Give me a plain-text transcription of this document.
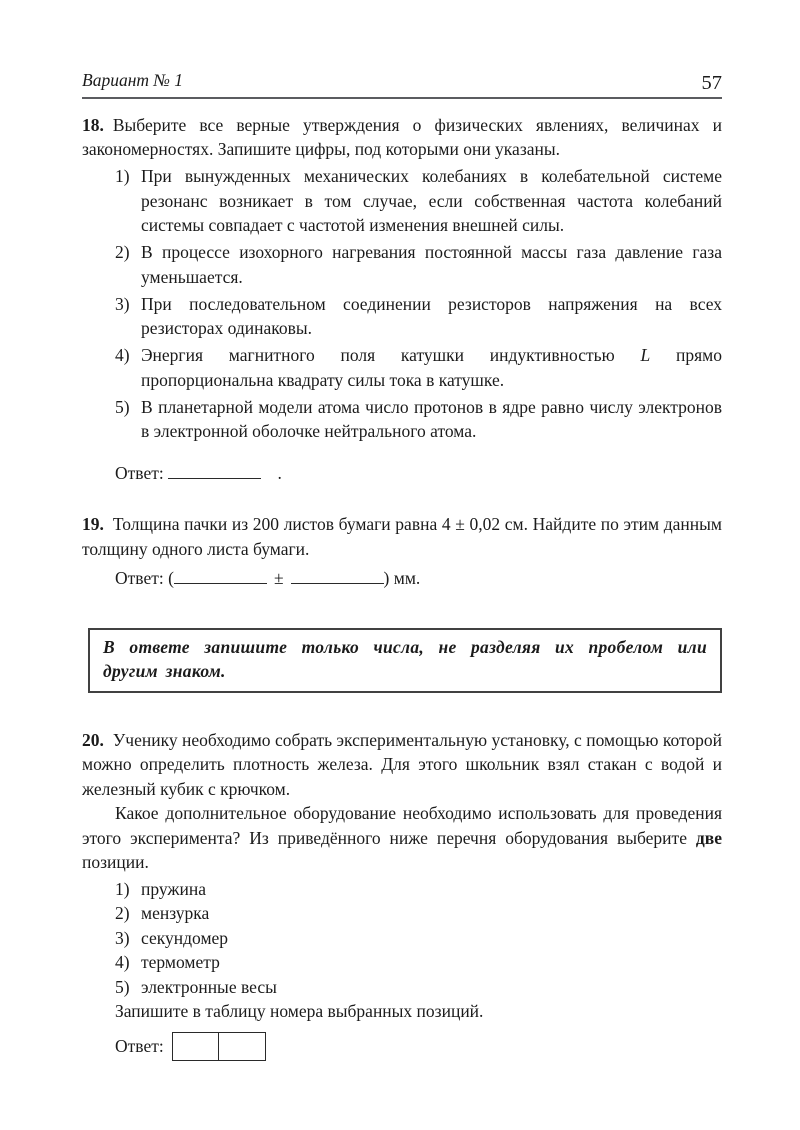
Вариант № 1	57

18. Выберите все верные утверждения о физических явлениях, величинах и закономерностях. Запишите цифры, под которыми они указаны.

1) При вынужденных механических колебаниях в колебательной системе резонанс возникает в том случае, если собственная частота колебаний системы совпадает с частотой изменения внешней силы.
2) В процессе изохорного нагревания постоянной массы газа давление газа уменьшается.
3) При последовательном соединении резисторов напряжения на всех резисторах одинаковы.
4) Энергия магнитного поля катушки индуктивностью L прямо пропорциональна квадрату силы тока в катушке.
5) В планетарной модели атома число протонов в ядре равно числу электронов в электронной оболочке нейтрального атома.
Ответ:	.

19. Толщина пачки из 200 листов бумаги равна 4 ± 0,02 см. Найдите по этим данным толщину одного листа бумаги.

Ответ: (	±	) мм.

В ответе запишите только числа, не разделяя их пробелом или другим знаком.

20. Ученику необходимо собрать экспериментальную установку, с помощью которой можно определить плотность железа. Для этого школьник взял стакан с водой и железный кубик с крючком.

Какое дополнительное оборудование необходимо использовать для проведения этого эксперимента? Из приведённого ниже перечня оборудования выберите две позиции.

1) пружина
2) мензурка
3) секундомер
4) термометр
5) электронные весы

Запишите в таблицу номера выбранных позиций.

Ответ:
